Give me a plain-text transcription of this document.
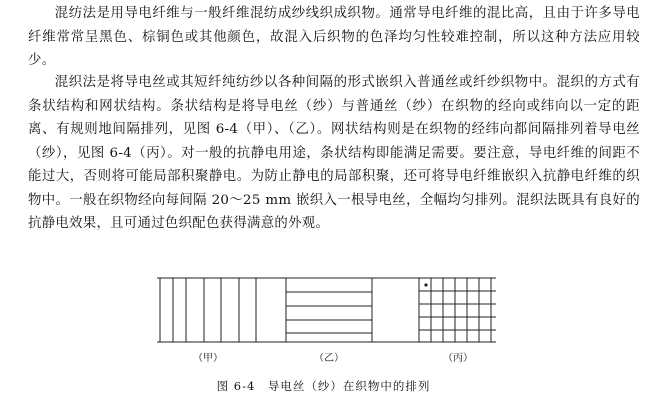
混纺法是用导电纤维与一般纤维混纺成纱线织成织物。通常导电纤维的混比高，且由于许多导电纤维常常呈黑色、棕铜色或其他颜色，故混入后织物的色泽均匀性较难控制，所以这种方法应用较少。

混织法是将导电丝或其短纤纯纺纱以各种间隔的形式嵌织入普通丝或纤纱织物中。混织的方式有条状结构和网状结构。条状结构是将导电丝（纱）与普通丝（纱）在织物的经向或纬向以一定的距离、有规则地间隔排列，见图 6-4（甲）、（乙）。网状结构则是在织物的经纬向都间隔排列着导电丝（纱），见图 6-4（丙）。对一般的抗静电用途，条状结构即能满足需要。要注意，导电纤维的间距不能过大，否则将可能局部积聚静电。为防止静电的局部积聚，还可将导电纤维嵌织入抗静电纤维的织物中。一般在织物经向每间隔 20～25 mm 嵌织入一根导电丝，全幅均匀排列。混织法既具有良好的抗静电效果，且可通过色织配色获得满意的外观。

（甲）	（乙）	（丙）
图 6-4　导电丝（纱）在织物中的排列
